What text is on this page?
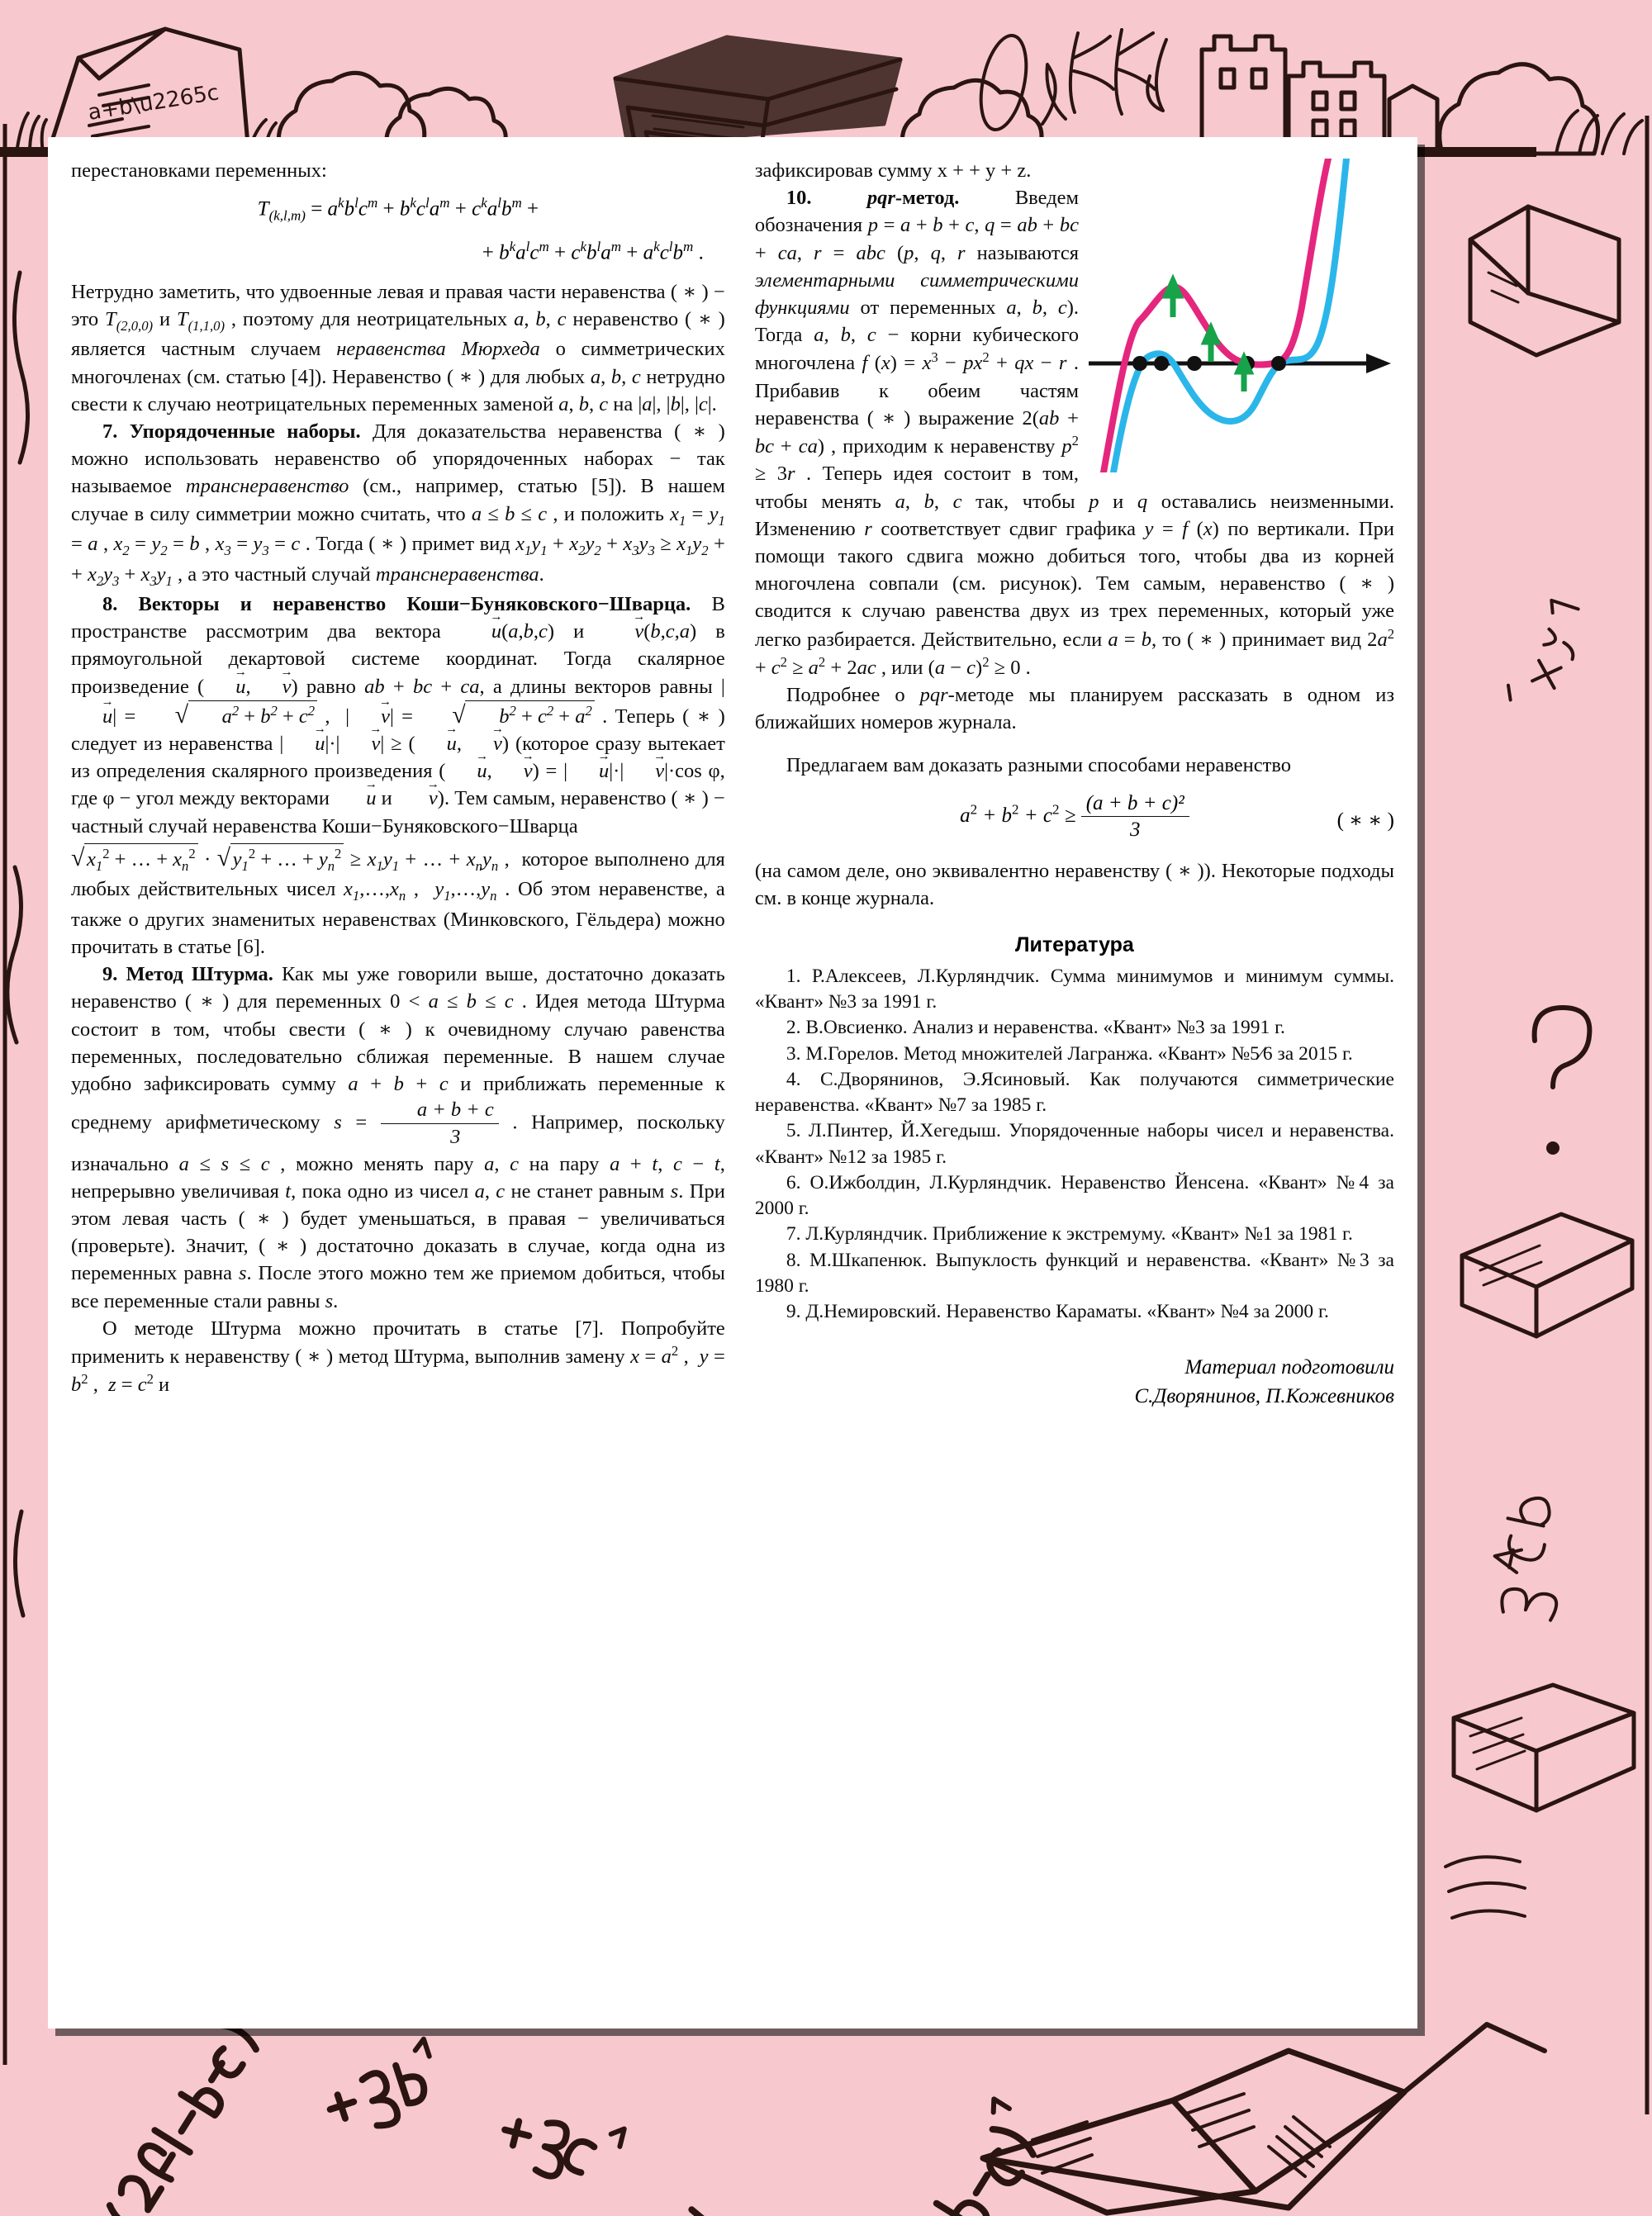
a+b\u2265c

перестановками переменных:

$T_{(k,l,m)} = a^kb^lc^m + b^kc^la^m + c^ka^lb^m$ +
+ $b^ka^lc^m + c^kb^la^m + a^kc^lb^m$ .

Нетрудно заметить, что удвоенные левая и правая части неравенства ( ∗ ) − это $T_{(2,0,0)}$ и $T_{(1,1,0)}$ , поэтому для неотрицательных a, b, c неравенство ( ∗ ) является частным случаем неравенства Мюрхеда о симметрических многочленах (см. статью [4]). Неравенство ( ∗ ) для любых a, b, c нетрудно свести к случаю неотрицательных переменных заменой a, b, c на |a|, |b|, |c|.

7. Упорядоченные наборы. Для доказательства неравенства ( ∗ ) можно использовать неравенство об упорядоченных наборах − так называемое транснеравенство (см., например, статью [5]). В нашем случае в силу симметрии можно считать, что a ≤ b ≤ c , и положить $x_1 = y_1 = a$ , $x_2 = y_2 = b$ , $x_3 = y_3 = c$ . Тогда ( ∗ ) примет вид $x_1y_1 + x_2y_2 + x_3y_3 \ge x_1y_2$ + + $x_2y_3 + x_3y_1$ , а это частный случай транснеравенства.

8. Векторы и неравенство Коши−Буняковского−Шварца. В пространстве рассмотрим два вектора u →(a,b,c) и v →(b,c,a) в прямоугольной декартовой системе координат. Тогда скалярное произведение ( u →, v →) равно ab + bc + ca, а длины векторов равны |u →| =	√ $a^2 + b^2 + c^2$ ,  | v →| =	√ $b^2 + c^2 + a^2$ . Теперь ( ∗ ) следует из неравенства | u →|·| v →| ≥ ( u →, v →) (которое сразу вытекает из определения скалярного произведения ( u →, v →) = | u →|·| v →|·cos φ, где φ − угол между векторами u → и v →). Тем самым, неравенство ( ∗ ) − частный случай неравенства Коши−Буняковского−Шварца

√ $x_1^2$ + … + $x_n^2$ · √ $y_1^2$ + … + $y_n^2 \ge x_1y_1$ + … + $x_ny_n$ ,  которое выполнено для любых действительных чисел $x_1,\dots,x_n$ ,  $y_1,\dots,y_n$ . Об этом неравенстве, а также о других знаменитых неравенствах (Минковского, Гёльдера) можно прочитать в статье [6].

9. Метод Штурма. Как мы уже говорили выше, достаточно доказать неравенство ( ∗ ) для переменных 0 < a ≤ b ≤ c . Идея метода Штурма состоит в том, чтобы свести ( ∗ ) к очевидному случаю равенства переменных, последовательно сближая переменные. В нашем случае удобно зафиксировать сумму a + b + c и приближать переменные к среднему арифметическому $s = \frac{a + b + c}{3}$ . Например, поскольку изначально a ≤ s ≤ c , можно менять пару a, c на пару a + t, c − t, непрерывно увеличивая t, пока одно из чисел a, c не станет равным s. При этом левая часть ( ∗ ) будет уменьшаться, в правая − увеличиваться (проверьте). Значит, ( ∗ ) достаточно доказать в случае, когда одна из переменных равна s. После этого можно тем же приемом добиться, чтобы все переменные стали равны s.

О методе Штурма можно прочитать в статье [7]. Попробуйте применить к неравенству ( ∗ ) метод Штурма, выполнив замену $x = a^2$ ,  $y = b^2$ ,  $z = c^2$ и

зафиксировав сумму x + + y + z.

10.	pqr-метод. Введем обозначения p = a + b + c, q = ab + bc + ca, r = abc (p, q, r называются элементарными симметрическими функциями от переменных a, b, c). Тогда a, b, c − корни кубического многочлена f $(x) = x^3 - px^2$ + qx − r . Прибавив к обеим частям неравенства ( ∗ ) выражение 2(ab + bc + ca) , приходим к неравенству $p^2 \ge 3r$ . Теперь идея состоит в том, чтобы менять a, b, c так, чтобы p и q оставались неизменными. Изменению r соответствует сдвиг графика y = f (x) по вертикали. При помощи такого сдвига можно добиться того, чтобы два из корней многочлена совпали (см. рисунок). Тем самым, неравенство ( ∗ ) сводится к случаю равенства двух из трех переменных, который уже легко разбирается. Действительно, если a = b, то ( ∗ ) принимает вид $2a^2 + c^2 \ge a^2 + 2ac$ , или $(a - c)^2 \ge 0$ .

Подробнее о pqr-методе мы планируем рассказать в одном из ближайших номеров журнала.

Предлагаем вам доказать разными способами неравенство

$a^2 + b^2 + c^2 \ge \frac{\text{(a + b + c)²}}{3}$	( ∗ ∗ )

(на самом деле, оно эквивалентно неравенству ( ∗ )). Некоторые подходы см. в конце журнала.

Литература

1. Р.Алексеев, Л.Курляндчик. Сумма минимумов и минимум суммы. «Квант» №3 за 1991 г.

2. В.Овсиенко. Анализ и неравенства. «Квант» №3 за 1991 г.

3. М.Горелов. Метод множителей Лагранжа. «Квант» №5⁄6 за 2015 г.

4. С.Дворянинов, Э.Ясиновый. Как получаются симметрические неравенства. «Квант» №7 за 1985 г.

5. Л.Пинтер, Й.Хегедыш. Упорядоченные наборы чисел и неравенства. «Квант» №12 за 1985 г.

6. О.Ижболдин, Л.Курляндчик. Неравенство Йенсена. «Квант» №4 за 2000 г.

7. Л.Курляндчик. Приближение к экстремуму. «Квант» №1 за 1981 г.

8. М.Шкапенюк. Выпуклость функций и неравенства. «Квант» №3 за 1980 г.

9. Д.Немировский. Неравенство Караматы. «Квант» №4 за 2000 г.

Материал подготовили
С.Дворянинов, П.Кожевников
